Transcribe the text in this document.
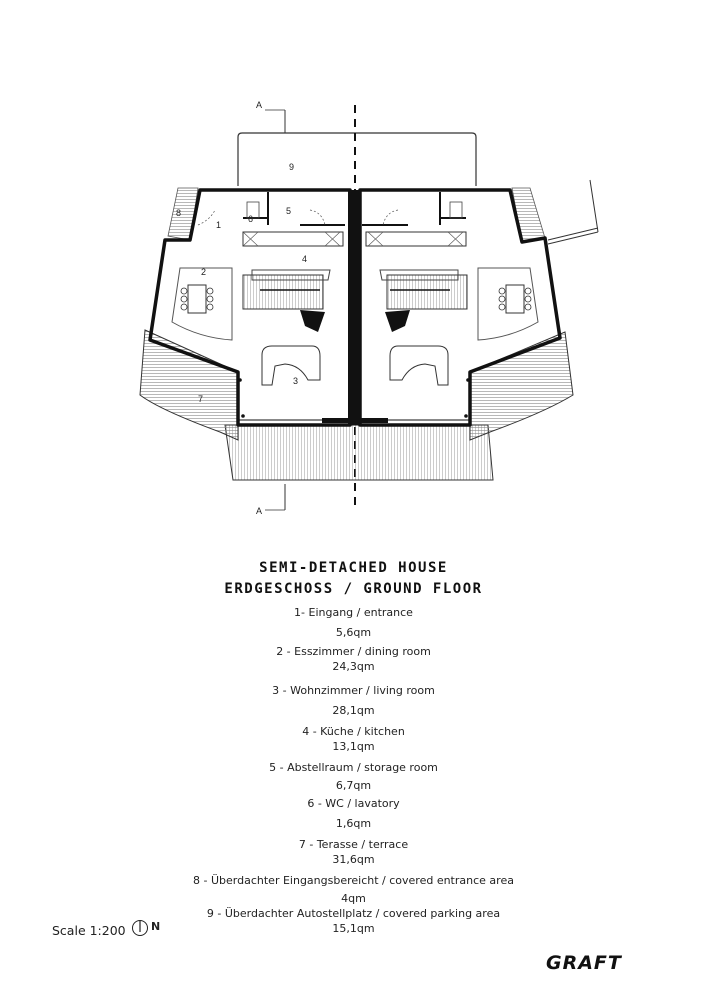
A
A
9
8
1
6
5
4
2
3
7
SEMI-DETACHED HOUSE
ERDGESCHOSS / GROUND FLOOR
1- Eingang / entrance
5,6qm
2 - Esszimmer / dining room
24,3qm
3 - Wohnzimmer / living room
28,1qm
4 - Küche / kitchen
13,1qm
5 - Abstellraum / storage room
6,7qm
6 - WC / lavatory
1,6qm
7 - Terasse / terrace
31,6qm
8 - Überdachter Eingangsbereicht / covered entrance area
4qm
9 - Überdachter Autostellplatz / covered parking area
15,1qm
Scale 1:200 N
GRAFT
